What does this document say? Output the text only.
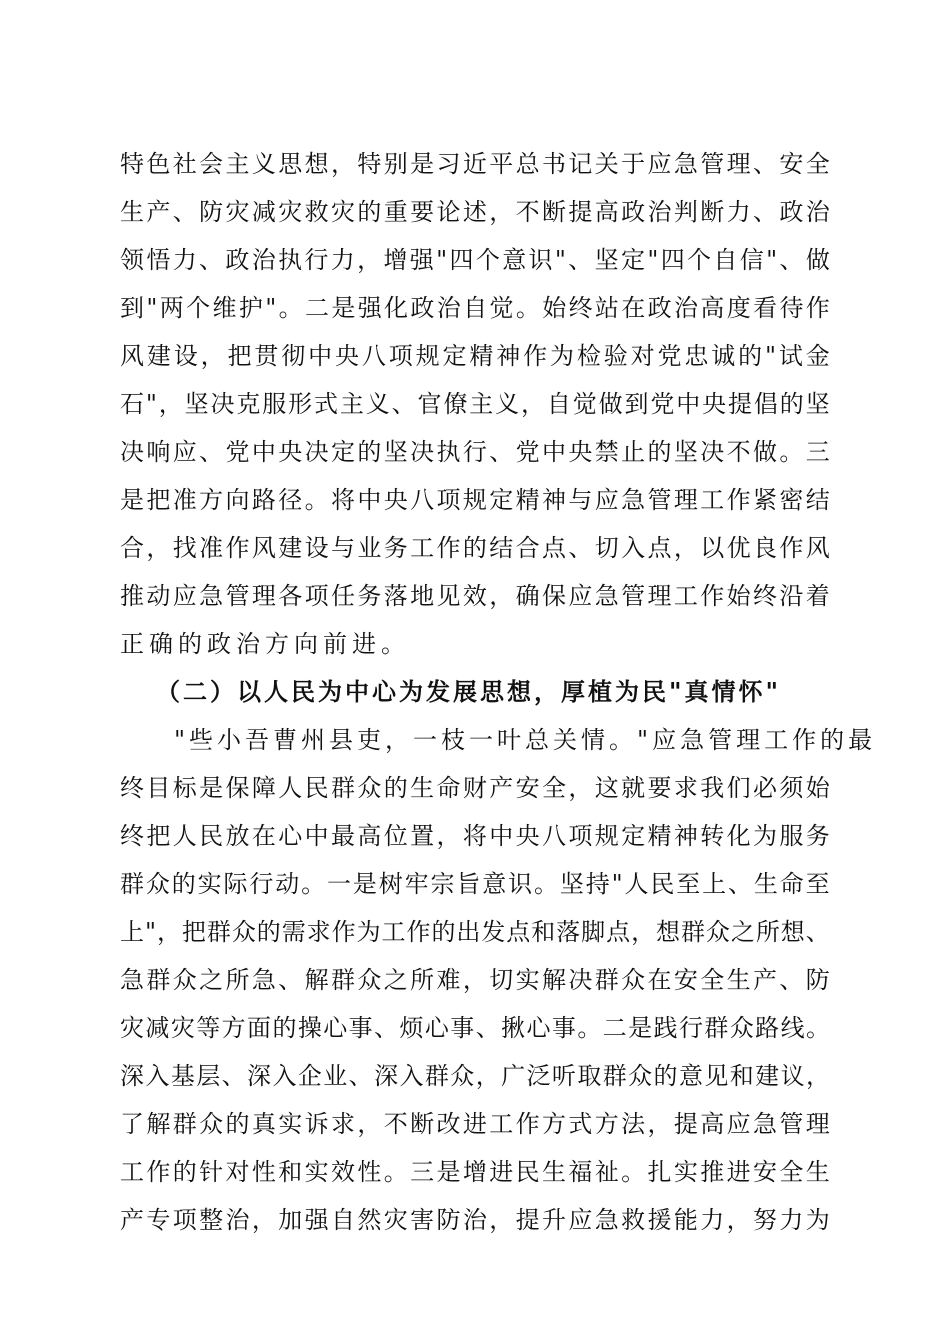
特 色 社 会 主 义 思 想 ， 特 别 是 习 近 平 总 书 记 关 于 应 急 管 理 、 安 全
生 产 、 防 灾 减 灾 救 灾 的 重 要 论 述 ， 不 断 提 高 政 治 判 断 力 、 政 治
领 悟 力 、 政 治 执 行 力 ， 增 强 " 四 个 意 识 " 、 坚 定 " 四 个 自 信 " 、 做
到 " 两 个 维 护 " 。 二 是 强 化 政 治 自 觉 。 始 终 站 在 政 治 高 度 看 待 作
风 建 设 ， 把 贯 彻 中 央 八 项 规 定 精 神 作 为 检 验 对 党 忠 诚 的 " 试 金
石 " ， 坚 决 克 服 形 式 主 义 、 官 僚 主 义 ， 自 觉 做 到 党 中 央 提 倡 的 坚
决 响 应 、 党 中 央 决 定 的 坚 决 执 行 、 党 中 央 禁 止 的 坚 决 不 做 。 三
是 把 准 方 向 路 径 。 将 中 央 八 项 规 定 精 神 与 应 急 管 理 工 作 紧 密 结
合 ， 找 准 作 风 建 设 与 业 务 工 作 的 结 合 点 、 切 入 点 ， 以 优 良 作 风
推 动 应 急 管 理 各 项 任 务 落 地 见 效 ， 确 保 应 急 管 理 工 作 始 终 沿 着
正确的政治方向前进。
（二）以人民为中心为发展思想，厚植为民"真情怀"
"些小吾曹州县吏，一枝一叶总关情。"应急管理工作的最
终 目 标 是 保 障 人 民 群 众 的 生 命 财 产 安 全 ， 这 就 要 求 我 们 必 须 始
终 把 人 民 放 在 心 中 最 高 位 置 ， 将 中 央 八 项 规 定 精 神 转 化 为 服 务
群 众 的 实 际 行 动 。 一 是 树 牢 宗 旨 意 识 。 坚 持 " 人 民 至 上 、 生 命 至
上 " ， 把 群 众 的 需 求 作 为 工 作 的 出 发 点 和 落 脚 点 ， 想 群 众 之 所 想 、
急 群 众 之 所 急 、 解 群 众 之 所 难 ， 切 实 解 决 群 众 在 安 全 生 产 、 防
灾 减 灾 等 方 面 的 操 心 事 、 烦 心 事 、 揪 心 事 。 二 是 践 行 群 众 路 线 。
深 入 基 层 、 深 入 企 业 、 深 入 群 众 ， 广 泛 听 取 群 众 的 意 见 和 建 议 ，
了 解 群 众 的 真 实 诉 求 ， 不 断 改 进 工 作 方 式 方 法 ， 提 高 应 急 管 理
工 作 的 针 对 性 和 实 效 性 。 三 是 增 进 民 生 福 祉 。 扎 实 推 进 安 全 生
产 专 项 整 治 ， 加 强 自 然 灾 害 防 治 ， 提 升 应 急 救 援 能 力 ， 努 力 为
